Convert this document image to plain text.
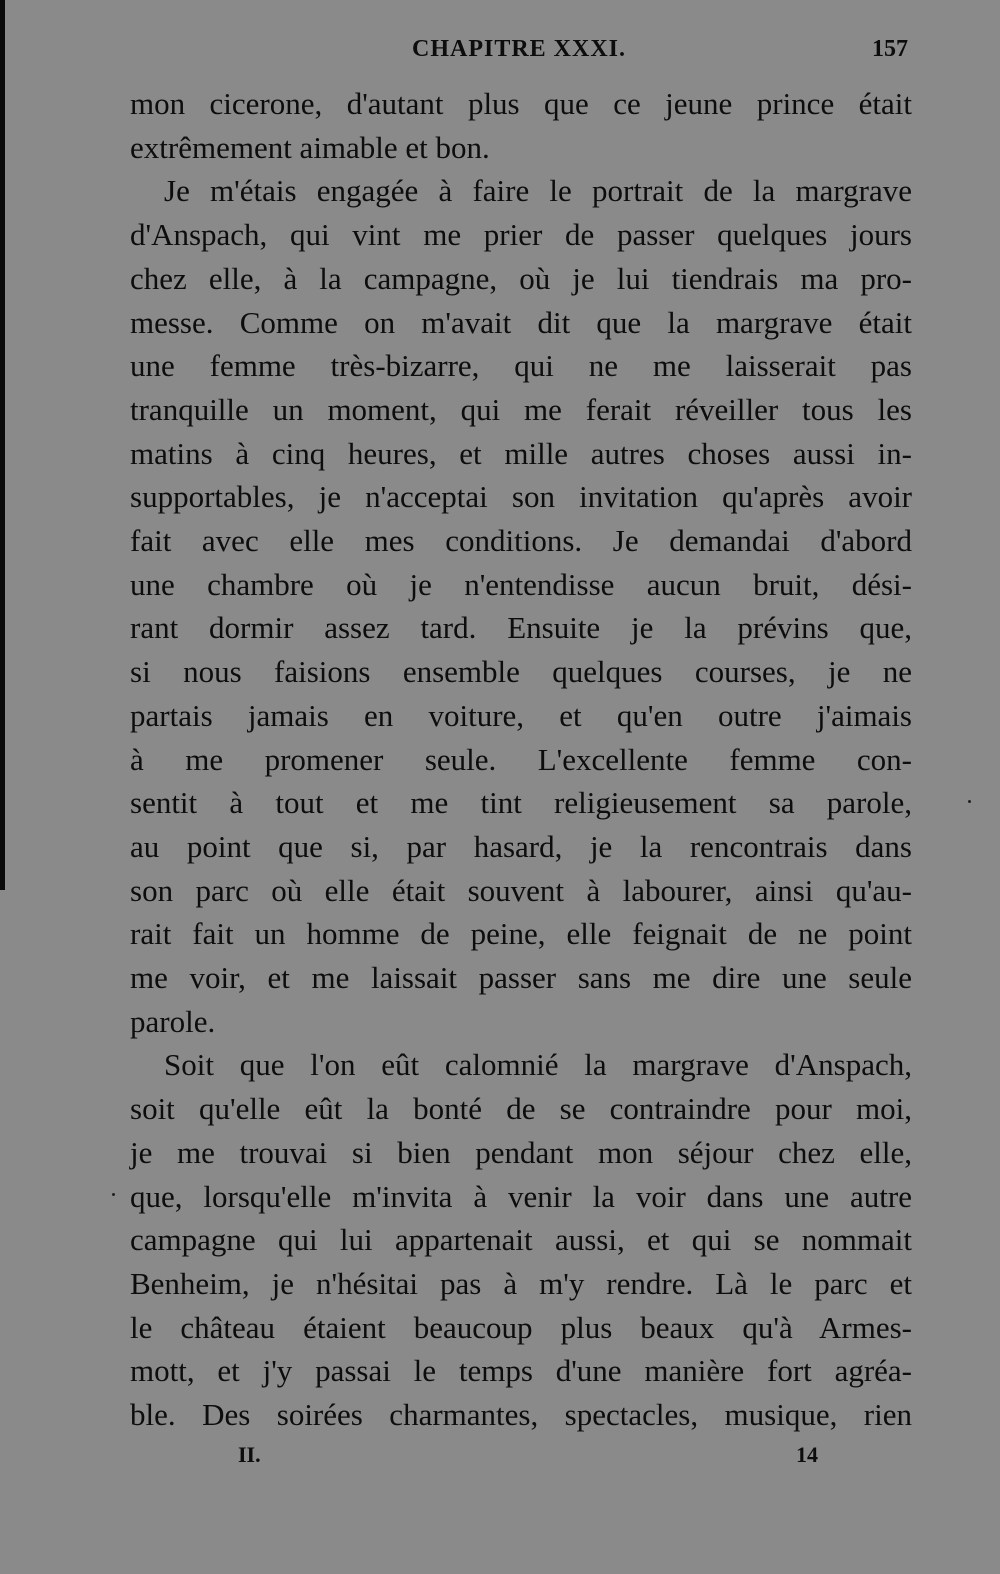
CHAPITRE XXXI.	157
mon cicerone, d'autant plus que ce jeune prince était
extrêmement aimable et bon.
Je m'étais engagée à faire le portrait de la margrave
d'Anspach, qui vint me prier de passer quelques jours
chez elle, à la campagne, où je lui tiendrais ma pro-
messe. Comme on m'avait dit que la margrave était
une femme très-bizarre, qui ne me laisserait pas
tranquille un moment, qui me ferait réveiller tous les
matins à cinq heures, et mille autres choses aussi in-
supportables, je n'acceptai son invitation qu'après avoir
fait avec elle mes conditions. Je demandai d'abord
une chambre où je n'entendisse aucun bruit, dési-
rant dormir assez tard. Ensuite je la prévins que,
si nous faisions ensemble quelques courses, je ne
partais jamais en voiture, et qu'en outre j'aimais
à me promener seule. L'excellente femme con-
sentit à tout et me tint religieusement sa parole,
au point que si, par hasard, je la rencontrais dans
son parc où elle était souvent à labourer, ainsi qu'au-
rait fait un homme de peine, elle feignait de ne point
me voir, et me laissait passer sans me dire une seule
parole.
Soit que l'on eût calomnié la margrave d'Anspach,
soit qu'elle eût la bonté de se contraindre pour moi,
je me trouvai si bien pendant mon séjour chez elle,
que, lorsqu'elle m'invita à venir la voir dans une autre
campagne qui lui appartenait aussi, et qui se nommait
Benheim, je n'hésitai pas à m'y rendre. Là le parc et
le château étaient beaucoup plus beaux qu'à Armes-
mott, et j'y passai le temps d'une manière fort agréa-
ble. Des soirées charmantes, spectacles, musique, rien
II.	14
